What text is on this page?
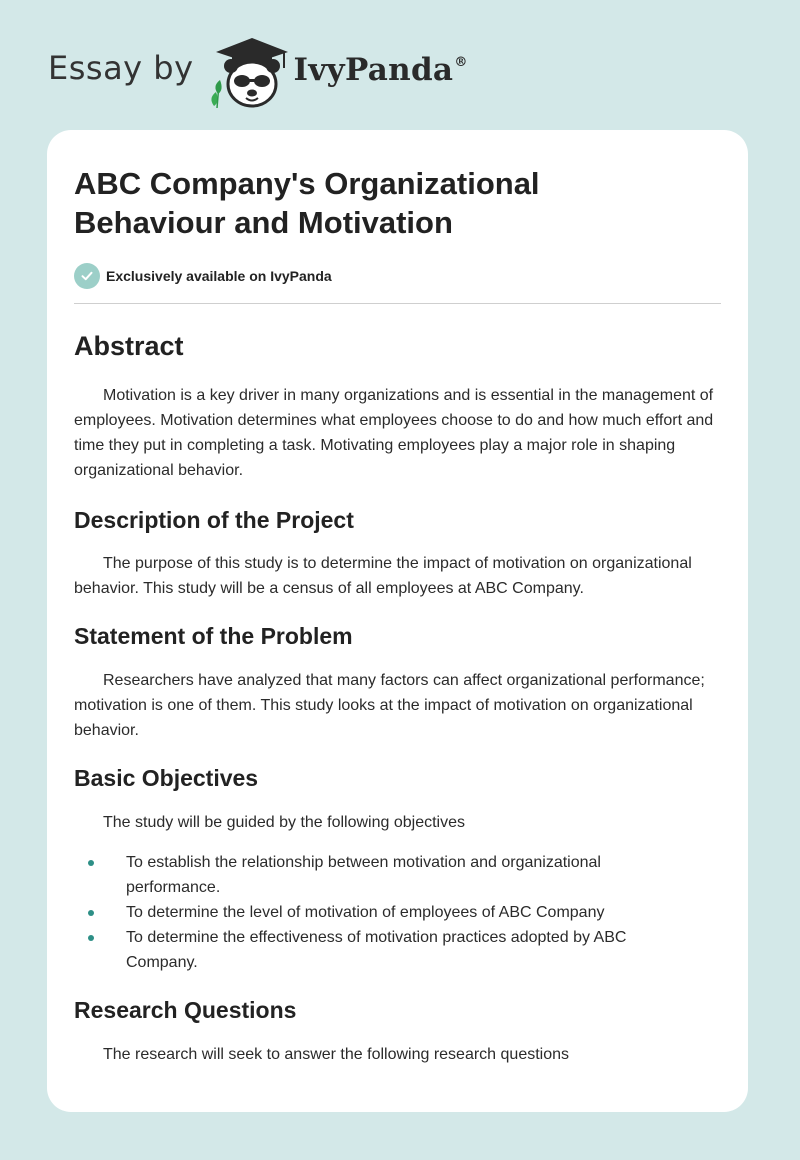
Essay by	IvyPanda®
ABC Company's Organizational Behaviour and Motivation
Exclusively available on IvyPanda
Abstract

Motivation is a key driver in many organizations and is essential in the management of employees. Motivation determines what employees choose to do and how much effort and time they put in completing a task. Motivating employees play a major role in shaping organizational behavior.

Description of the Project

The purpose of this study is to determine the impact of motivation on organizational behavior. This study will be a census of all employees at ABC Company.

Statement of the Problem

Researchers have analyzed that many factors can affect organizational performance; motivation is one of them. This study looks at the impact of motivation on organizational behavior.

Basic Objectives

The study will be guided by the following objectives

To establish the relationship between motivation and organizational performance.
To determine the level of motivation of employees of ABC Company
To determine the effectiveness of motivation practices adopted by ABC Company.
Research Questions

The research will seek to answer the following research questions
